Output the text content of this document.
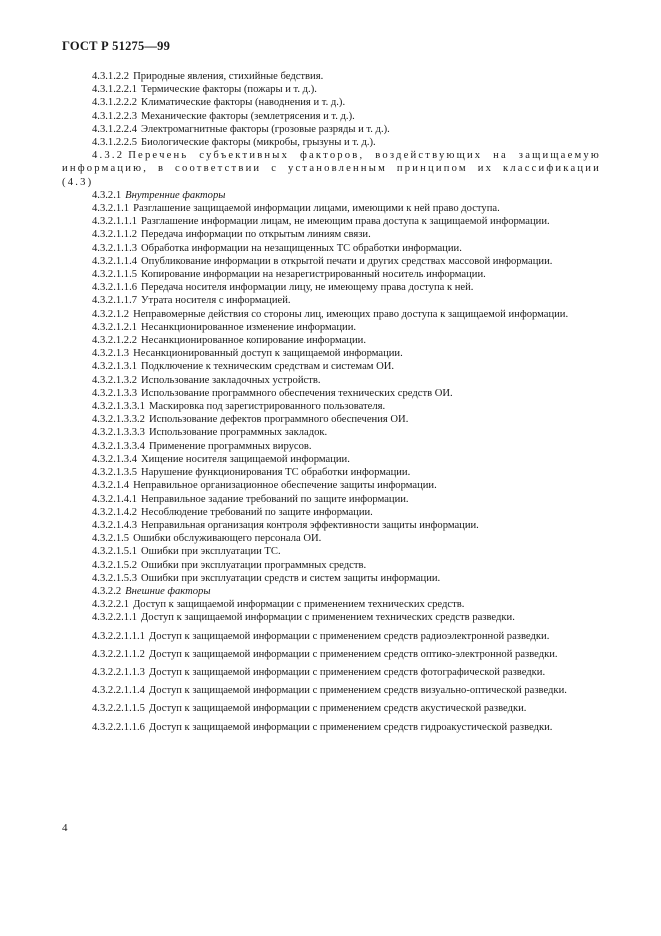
ГОСТ Р 51275—99

4.3.1.2.2 Природные явления, стихийные бедствия.

4.3.1.2.2.1 Термические факторы (пожары и т. д.).

4.3.1.2.2.2 Климатические факторы (наводнения и т. д.).

4.3.1.2.2.3 Механические факторы (землетрясения и т. д.).

4.3.1.2.2.4 Электромагнитные факторы (грозовые разряды и т. д.).

4.3.1.2.2.5 Биологические факторы (микробы, грызуны и т. д.).

4.3.2 Перечень субъективных факторов, воздействующих на защищаемую информацию, в соответствии с установленным принципом их классификации (4.3)

4.3.2.1 Внутренние факторы

4.3.2.1.1 Разглашение защищаемой информации лицами, имеющими к ней право доступа.

4.3.2.1.1.1 Разглашение информации лицам, не имеющим права доступа к защищаемой информации.

4.3.2.1.1.2 Передача информации по открытым линиям связи.

4.3.2.1.1.3 Обработка информации на незащищенных ТС обработки информации.

4.3.2.1.1.4 Опубликование информации в открытой печати и других средствах массовой информации.

4.3.2.1.1.5 Копирование информации на незарегистрированный носитель информации.

4.3.2.1.1.6 Передача носителя информации лицу, не имеющему права доступа к ней.

4.3.2.1.1.7 Утрата носителя с информацией.

4.3.2.1.2 Неправомерные действия со стороны лиц, имеющих право доступа к защищаемой информации.

4.3.2.1.2.1 Несанкционированное изменение информации.

4.3.2.1.2.2 Несанкционированное копирование информации.

4.3.2.1.3 Несанкционированный доступ к защищаемой информации.

4.3.2.1.3.1 Подключение к техническим средствам и системам ОИ.

4.3.2.1.3.2 Использование закладочных устройств.

4.3.2.1.3.3 Использование программного обеспечения технических средств ОИ.

4.3.2.1.3.3.1 Маскировка под зарегистрированного пользователя.

4.3.2.1.3.3.2 Использование дефектов программного обеспечения ОИ.

4.3.2.1.3.3.3 Использование программных закладок.

4.3.2.1.3.3.4 Применение программных вирусов.

4.3.2.1.3.4 Хищение носителя защищаемой информации.

4.3.2.1.3.5 Нарушение функционирования ТС обработки информации.

4.3.2.1.4 Неправильное организационное обеспечение защиты информации.

4.3.2.1.4.1 Неправильное задание требований по защите информации.

4.3.2.1.4.2 Несоблюдение требований по защите информации.

4.3.2.1.4.3 Неправильная организация контроля эффективности защиты информации.

4.3.2.1.5 Ошибки обслуживающего персонала ОИ.

4.3.2.1.5.1 Ошибки при эксплуатации ТС.

4.3.2.1.5.2 Ошибки при эксплуатации программных средств.

4.3.2.1.5.3 Ошибки при эксплуатации средств и систем защиты информации.

4.3.2.2 Внешние факторы

4.3.2.2.1 Доступ к защищаемой информации с применением технических средств.

4.3.2.2.1.1 Доступ к защищаемой информации с применением технических средств разведки.

4.3.2.2.1.1.1 Доступ к защищаемой информации с применением средств радиоэлектронной разведки.

4.3.2.2.1.1.2 Доступ к защищаемой информации с применением средств оптико-электронной разведки.

4.3.2.2.1.1.3 Доступ к защищаемой информации с применением средств фотографической разведки.

4.3.2.2.1.1.4 Доступ к защищаемой информации с применением средств визуально-оптической разведки.

4.3.2.2.1.1.5 Доступ к защищаемой информации с применением средств акустической разведки.

4.3.2.2.1.1.6 Доступ к защищаемой информации с применением средств гидроакустической разведки.

4
